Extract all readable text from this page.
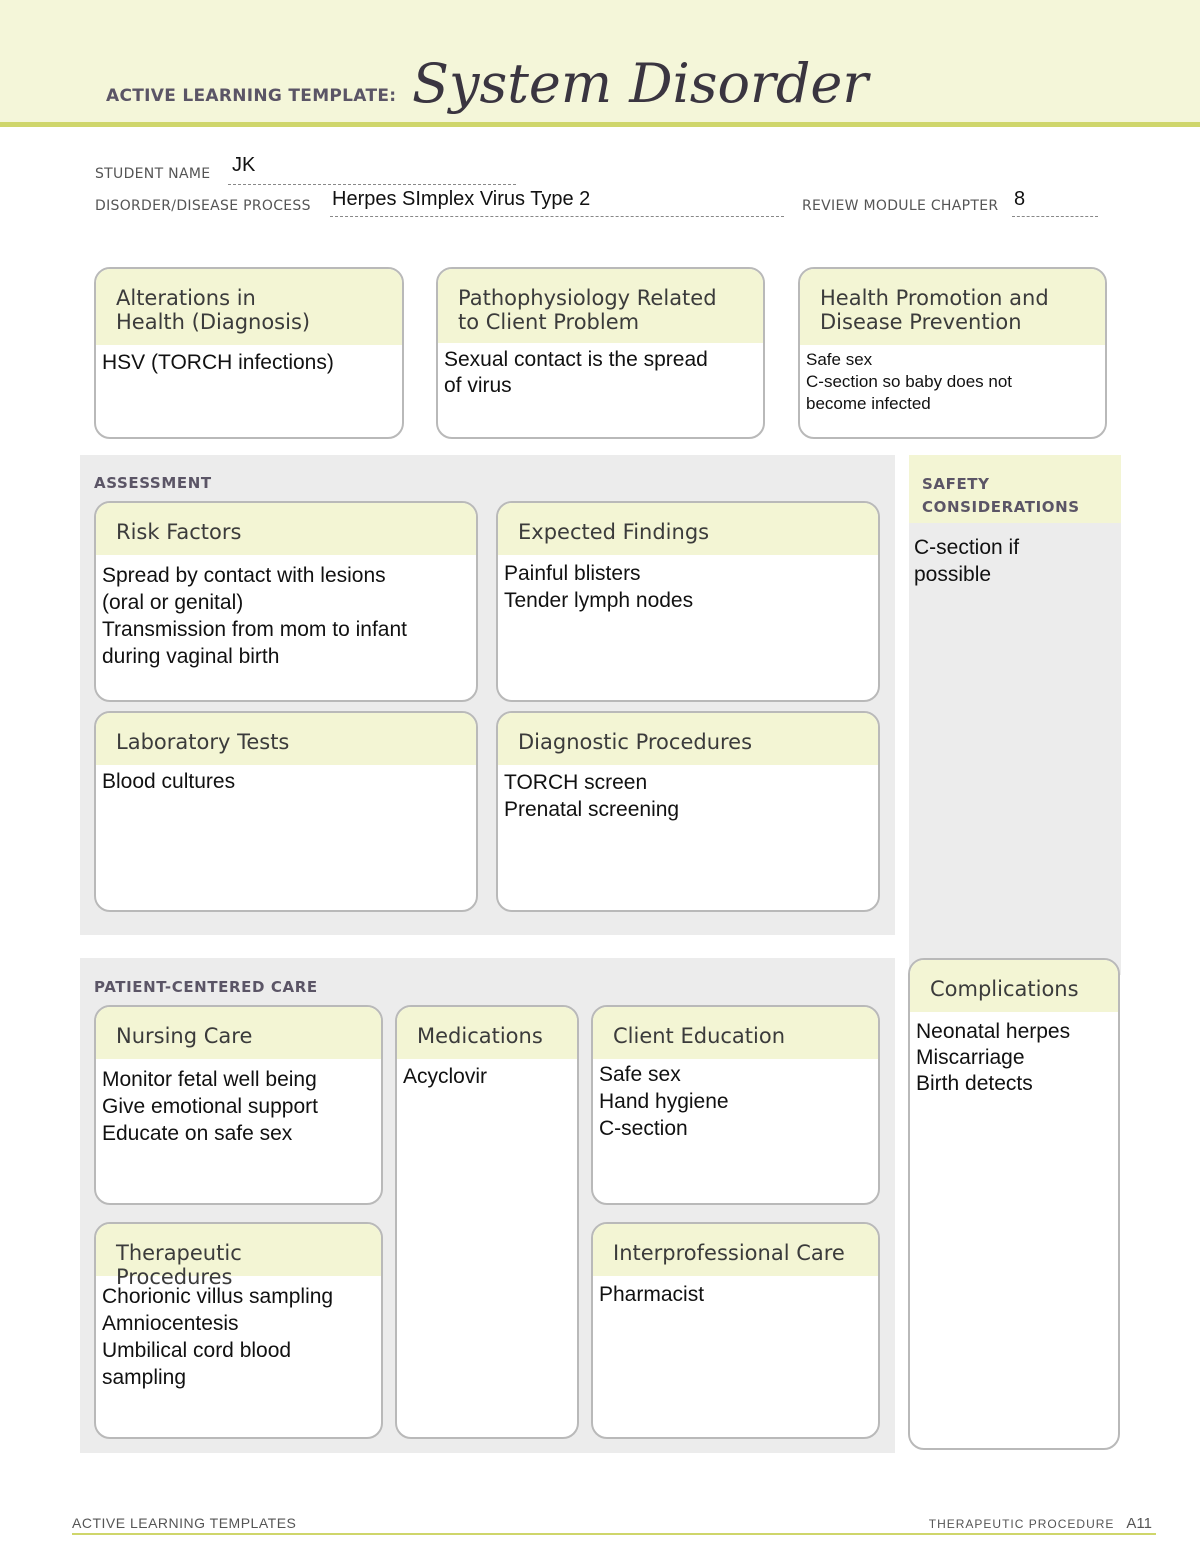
ACTIVE LEARNING TEMPLATE: System Disorder
STUDENT NAME JK
DISORDER/DISEASE PROCESS Herpes SImplex Virus Type 2	REVIEW MODULE CHAPTER 8
Alterations in
Health (Diagnosis)
HSV (TORCH infections)
Pathophysiology Related
to Client Problem
Sexual contact is the spread
of virus
Health Promotion and
Disease Prevention
Safe sex
C-section so baby does not
become infected
ASSESSMENT
Risk Factors
Spread by contact with lesions
(oral or genital)
Transmission from mom to infant
during vaginal birth
Expected Findings
Painful blisters
Tender lymph nodes
Laboratory Tests
Blood cultures
Diagnostic Procedures
TORCH screen
Prenatal screening
SAFETY
CONSIDERATIONS
C-section if
possible
PATIENT-CENTERED CARE
Nursing Care
Monitor fetal well being
Give emotional support
Educate on safe sex
Medications
Acyclovir
Client Education
Safe sex
Hand hygiene
C-section
Therapeutic Procedures
Chorionic villus sampling
Amniocentesis
Umbilical cord blood
sampling
Interprofessional Care
Pharmacist
Complications
Neonatal herpes
Miscarriage
Birth detects
ACTIVE LEARNING TEMPLATES	THERAPEUTIC PROCEDURE A11
